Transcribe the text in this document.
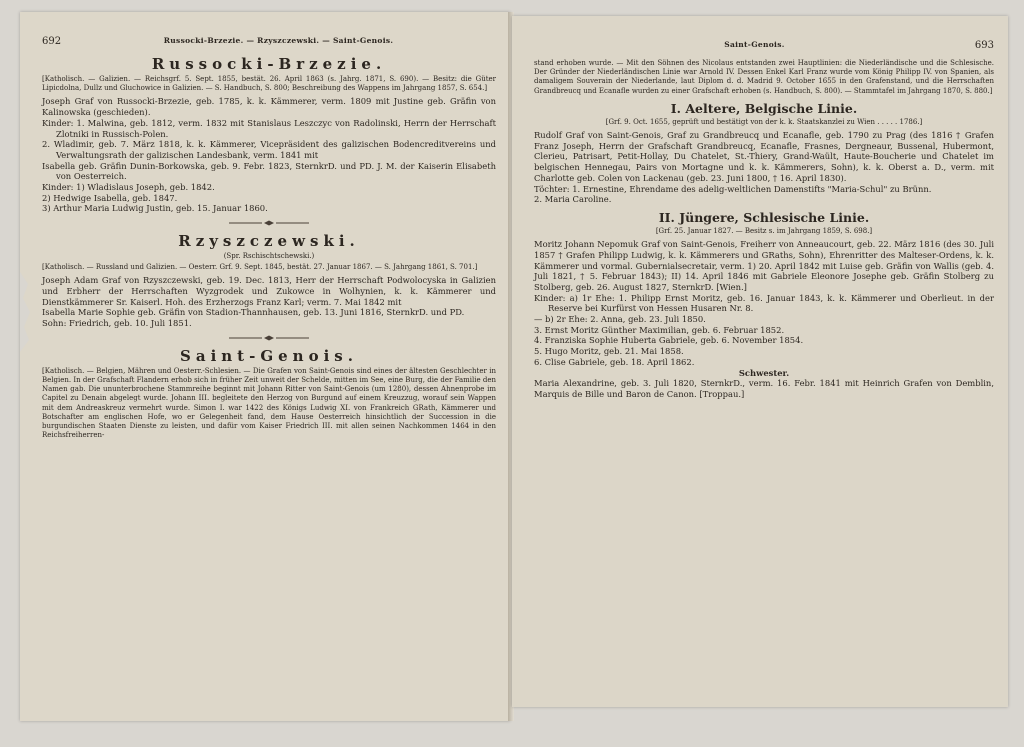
692	Russocki-Brzezie. — Rzyszczewski. — Saint-Genois.
Russocki-Brzezie.
[Katholisch. — Galizien. — Reichsgrf. 5. Sept. 1855, bestät. 26. April 1863 (s. Jahrg. 1871, S. 690). — Besitz: die Güter Lipicdolna, Dullz und Gluchowice in Galizien. — S. Handbuch, S. 800; Beschreibung des Wappens im Jahrgang 1857, S. 654.]

Joseph Graf von Russocki-Brzezie, geb. 1785, k. k. Kämmerer, verm. 1809 mit Justine geb. Gräfin von Kalinowska (geschieden).

Kinder: 1. Malwina, geb. 1812, verm. 1832 mit Stanislaus Leszczyc von Radolinski, Herrn der Herrschaft Zlotniki in Russisch-Polen.

2. Wladimir, geb. 7. März 1818, k. k. Kämmerer, Vicepräsident des galizischen Bodencreditvereins und Verwaltungsrath der galizischen Landesbank, verm. 1841 mit

Isabella geb. Gräfin Dunin-Borkowska, geb. 9. Febr. 1823, SternkrD. und PD. J. M. der Kaiserin Elisabeth von Oesterreich.

Kinder: 1) Wladislaus Joseph, geb. 1842.

2) Hedwige Isabella, geb. 1847.

3) Arthur Maria Ludwig Justin, geb. 15. Januar 1860.

Rzyszczewski.
(Spr. Rschischtschewski.)
[Katholisch. — Russland und Galizien. — Oesterr. Grf. 9. Sept. 1845, bestät. 27. Januar 1867. — S. Jahrgang 1861, S. 701.]

Joseph Adam Graf von Rzyszczewski, geb. 19. Dec. 1813, Herr der Herrschaft Podwolocyska in Galizien und Erbherr der Herrschaften Wyzgrodek und Zukowce in Wolhynien, k. k. Kämmerer und Dienstkämmerer Sr. Kaiserl. Hoh. des Erzherzogs Franz Karl; verm. 7. Mai 1842 mit

Isabella Marie Sophie geb. Gräfin von Stadion-Thannhausen, geb. 13. Juni 1816, SternkrD. und PD.

Sohn: Friedrich, geb. 10. Juli 1851.

Saint-Genois.
[Katholisch. — Belgien, Mähren und Oesterr.-Schlesien. — Die Grafen von Saint-Genois sind eines der ältesten Geschlechter in Belgien. In der Grafschaft Flandern erhob sich in früher Zeit unweit der Schelde, mitten im See, eine Burg, die der Familie den Namen gab. Die ununterbrochene Stammreihe beginnt mit Johann Ritter von Saint-Genois (um 1280), dessen Ahnenprobe im Capitel zu Denain abgelegt wurde. Johann III. begleitete den Herzog von Burgund auf einem Kreuzzug, worauf sein Wappen mit dem Andreaskreuz vermehrt wurde. Simon I. war 1422 des Königs Ludwig XI. von Frankreich GRath, Kämmerer und Botschafter am englischen Hofe, wo er Gelegenheit fand, dem Hause Oesterreich hinsichtlich der Succession in die burgundischen Staaten Dienste zu leisten, und dafür vom Kaiser Friedrich III. mit allen seinen Nachkommen 1464 in den Reichsfreiherren-
Saint-Genois.	693
stand erhoben wurde. — Mit den Söhnen des Nicolaus entstanden zwei Hauptlinien: die Niederländische und die Schlesische. Der Gründer der Niederländischen Linie war Arnold IV. Dessen Enkel Karl Franz wurde vom König Philipp IV. von Spanien, als damaligem Souverain der Niederlande, laut Diplom d. d. Madrid 9. October 1655 in den Grafenstand, und die Herrschaften Grandbreucq und Ecanafle wurden zu einer Grafschaft erhoben (s. Handbuch, S. 800). — Stammtafel im Jahrgang 1870, S. 880.]
I. Aeltere, Belgische Linie.
[Grf. 9. Oct. 1655, geprüft und bestätigt von der k. k. Staatskanzlei zu Wien . . . . . 1786.]

Rudolf Graf von Saint-Genois, Graf zu Grandbreucq und Ecanafle, geb. 1790 zu Prag (des 1816 † Grafen Franz Joseph, Herrn der Grafschaft Grandbreucq, Ecanafle, Frasnes, Dergneaur, Bussenal, Hubermont, Clerieu, Patrisart, Petit-Hollay, Du Chatelet, St.-Thiery, Grand-Waült, Haute-Boucherie und Chatelet im belgischen Hennegau, Pairs von Mortagne und k. k. Kämmerers, Sohn), k. k. Oberst a. D., verm. mit Charlotte geb. Colen von Lackenau (geb. 23. Juni 1800, † 16. April 1830).

Töchter: 1. Ernestine, Ehrendame des adelig-weltlichen Damenstifts "Maria-Schul" zu Brünn.

2. Maria Caroline.

II. Jüngere, Schlesische Linie.
[Grf. 25. Januar 1827. — Besitz s. im Jahrgang 1859, S. 698.]

Moritz Johann Nepomuk Graf von Saint-Genois, Freiherr von Anneaucourt, geb. 22. März 1816 (des 30. Juli 1857 † Grafen Philipp Ludwig, k. k. Kämmerers und GRaths, Sohn), Ehrenritter des Malteser-Ordens, k. k. Kämmerer und vormal. Gubernialsecretair, verm. 1) 20. April 1842 mit Luise geb. Gräfin von Wallis (geb. 4. Juli 1821, † 5. Februar 1843); II) 14. April 1846 mit Gabriele Eleonore Josephe geb. Gräfin Stolberg zu Stolberg, geb. 26. August 1827, SternkrD. [Wien.]

Kinder: a) 1r Ehe: 1. Philipp Ernst Moritz, geb. 16. Januar 1843, k. k. Kämmerer und Oberlieut. in der Reserve bei Kurfürst von Hessen Husaren Nr. 8.

— b) 2r Ehe: 2. Anna, geb. 23. Juli 1850.

3. Ernst Moritz Günther Maximilian, geb. 6. Februar 1852.

4. Franziska Sophie Huberta Gabriele, geb. 6. November 1854.

5. Hugo Moritz, geb. 21. Mai 1858.

6. Clise Gabriele, geb. 18. April 1862.

Schwester.

Maria Alexandrine, geb. 3. Juli 1820, SternkrD., verm. 16. Febr. 1841 mit Heinrich Grafen von Demblin, Marquis de Bille und Baron de Canon. [Troppau.]
